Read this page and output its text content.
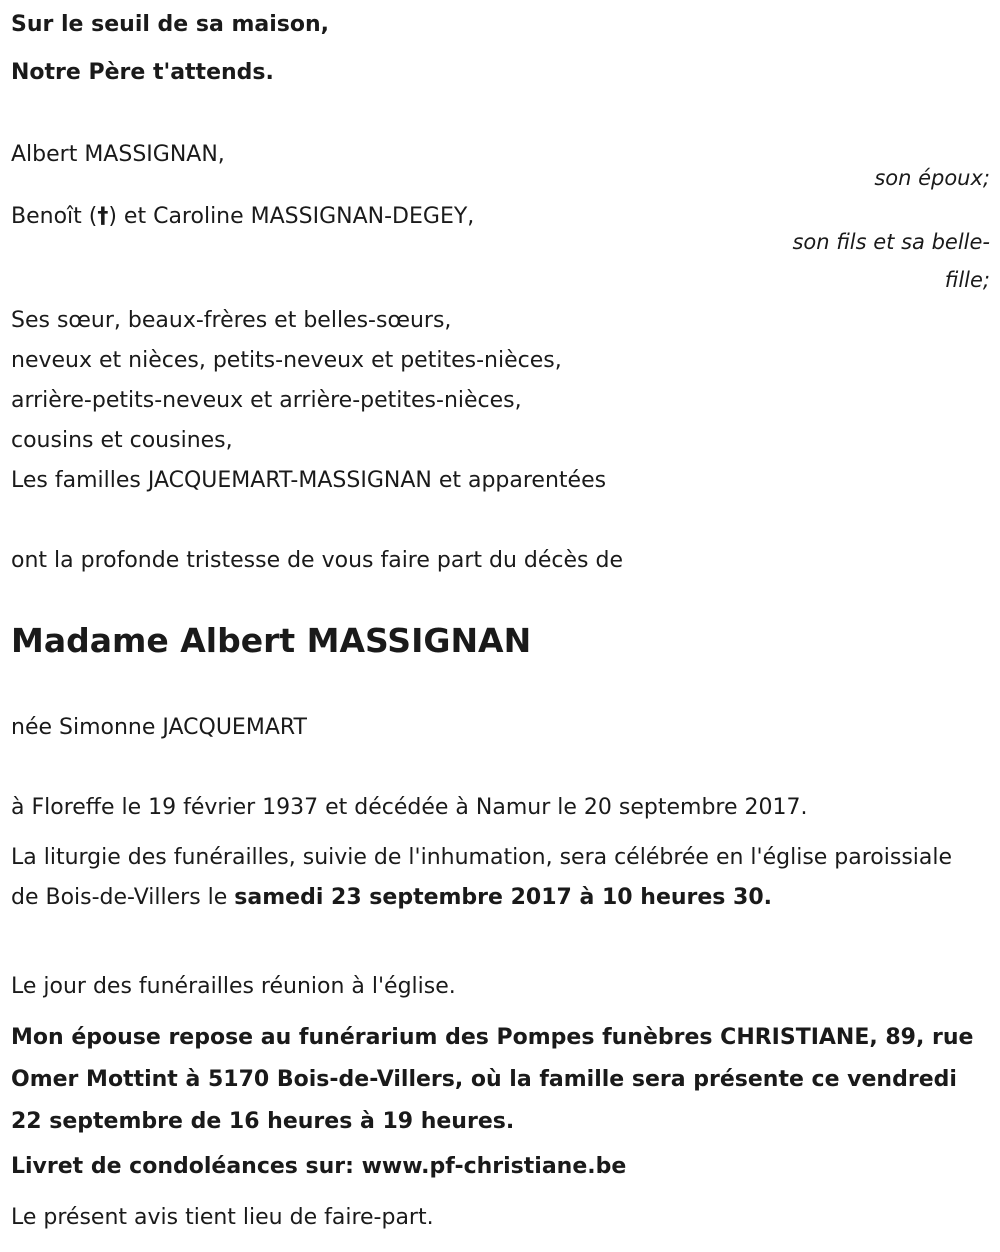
Sur le seuil de sa maison,
Notre Père t'attends.
Albert MASSIGNAN,
son époux;
Benoît (†) et Caroline MASSIGNAN-DEGEY,
son fils et sa belle-
fille;
Ses sœur, beaux-frères et belles-sœurs,
neveux et nièces, petits-neveux et petites-nièces,
arrière-petits-neveux et arrière-petites-nièces,
cousins et cousines,
Les familles JACQUEMART-MASSIGNAN et apparentées
ont la profonde tristesse de vous faire part du décès de
Madame Albert MASSIGNAN
née Simonne JACQUEMART
à Floreffe le 19 février 1937 et décédée à Namur le 20 septembre 2017.
La liturgie des funérailles, suivie de l'inhumation, sera célébrée en l'église paroissiale de Bois-de-Villers le samedi 23 septembre 2017 à 10 heures 30.
Le jour des funérailles réunion à l'église.
Mon épouse repose au funérarium des Pompes funèbres CHRISTIANE, 89, rue Omer Mottint à 5170 Bois-de-Villers, où la famille sera présente ce vendredi 22 septembre de 16 heures à 19 heures.
Livret de condoléances sur: www.pf-christiane.be
Le présent avis tient lieu de faire-part.
